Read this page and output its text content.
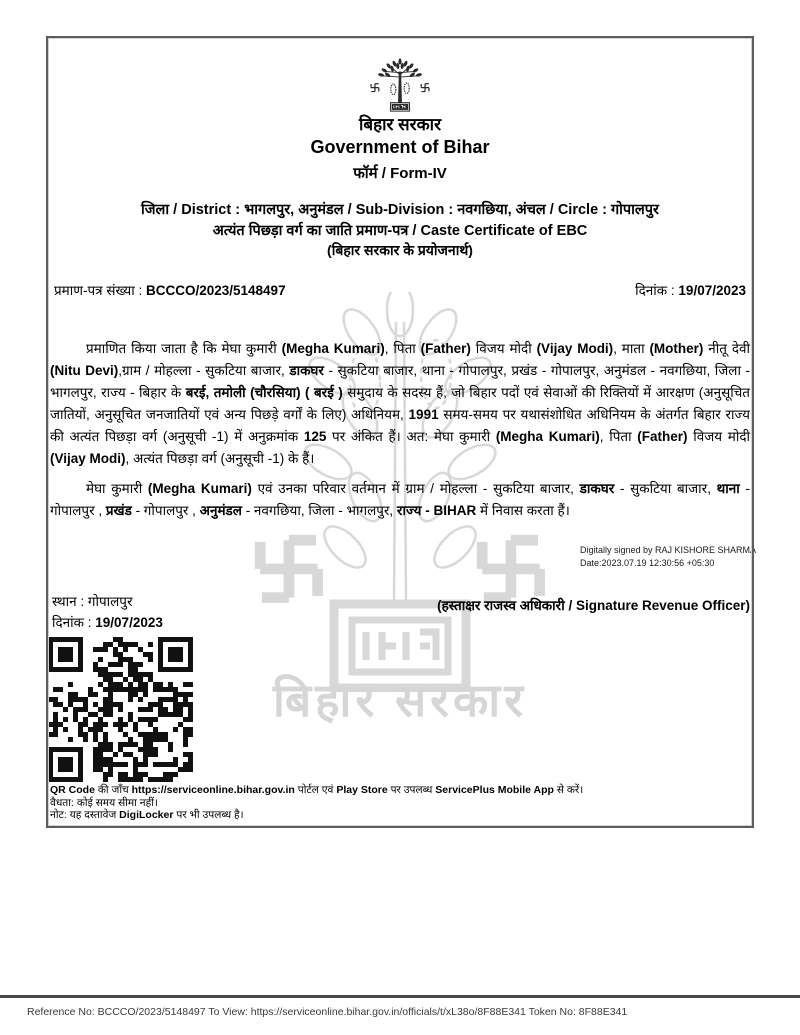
बिहार सरकार
बिहार सरकार
Government of Bihar
फॉर्म / Form-IV
जिला / District : भागलपुर, अनुमंडल / Sub-Division : नवगछिया, अंचल / Circle : गोपालपुर
अत्यंत पिछड़ा वर्ग का जाति प्रमाण-पत्र / Caste Certificate of EBC
(बिहार सरकार के प्रयोजनार्थ)
प्रमाण-पत्र संख्या : BCCCO/2023/5148497	दिनांक : 19/07/2023
प्रमाणित किया जाता है कि मेघा कुमारी (Megha Kumari), पिता (Father) विजय मोदी (Vijay Modi), माता (Mother) नीतू देवी (Nitu Devi),ग्राम / मोहल्ला - सुकटिया बाजार, डाकघर - सुकटिया बाजार, थाना - गोपालपुर, प्रखंड - गोपालपुर, अनुमंडल - नवगछिया, जिला - भागलपुर, राज्य - बिहार के बरई, तमोली (चौरसिया) ( बरई ) समुदाय के सदस्य हैं, जो बिहार पदों एवं सेवाओं की रिक्तियों में आरक्षण (अनुसूचित जातियों, अनुसूचित जनजातियों एवं अन्य पिछड़े वर्गों के लिए) अधिनियम, 1991 समय-समय पर यथासंशोधित अधिनियम के अंतर्गत बिहार राज्य की अत्यंत पिछड़ा वर्ग (अनुसूची -1) में अनुक्रमांक 125 पर अंकित हैं। अत: मेघा कुमारी (Megha Kumari), पिता (Father) विजय मोदी (Vijay Modi), अत्यंत पिछड़ा वर्ग (अनुसूची -1) के हैं।
मेघा कुमारी (Megha Kumari) एवं उनका परिवार वर्तमान में ग्राम / मोहल्ला - सुकटिया बाजार, डाकघर - सुकटिया बाजार, थाना - गोपालपुर , प्रखंड - गोपालपुर , अनुमंडल - नवगछिया, जिला - भागलपुर, राज्य - BIHAR में निवास करता हैं।
Digitally signed by RAJ KISHORE SHARMA
Date:2023.07.19 12:30:56 +05:30
(हस्ताक्षर राजस्व अधिकारी / Signature Revenue Officer)
स्थान : गोपालपुर
दिनांक : 19/07/2023
QR Code की जाँच https://serviceonline.bihar.gov.in पोर्टल एवं Play Store पर उपलब्ध ServicePlus Mobile App से करें।
वैधता: कोई समय सीमा नहीं।
नोट: यह दस्तावेज DigiLocker पर भी उपलब्ध है।
Reference No: BCCCO/2023/5148497 To View: https://serviceonline.bihar.gov.in/officials/t/xL38o/8F88E341 Token No: 8F88E341
